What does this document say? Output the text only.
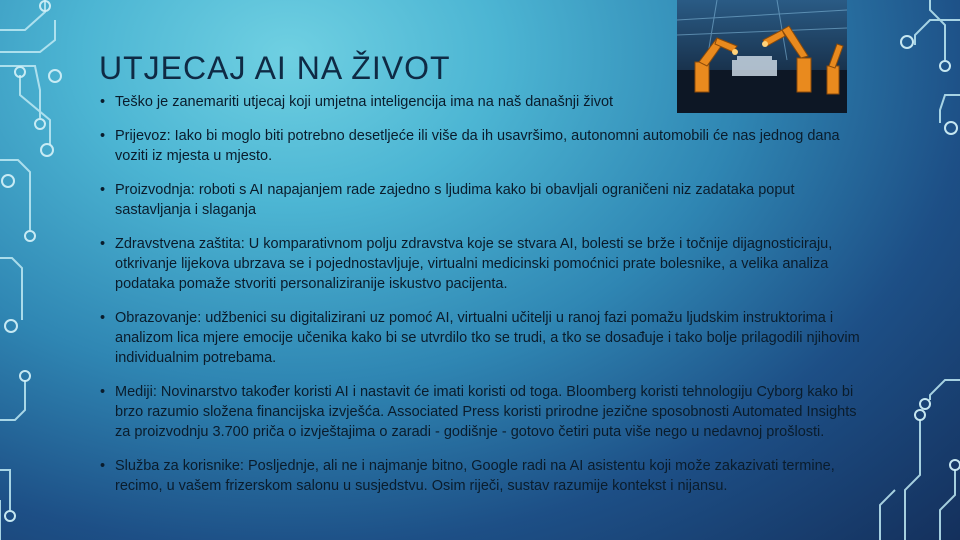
UTJECAJ AI NA ŽIVOT
• Teško je zanemariti utjecaj koji umjetna inteligencija ima na naš današnji život
• Prijevoz: Iako bi moglo biti potrebno desetljeće ili više da ih usavršimo, autonomni automobili će nas jednog dana voziti iz mjesta u mjesto.
• Proizvodnja: roboti s AI napajanjem rade zajedno s ljudima kako bi obavljali ograničeni niz zadataka poput sastavljanja i slaganja
• Zdravstvena zaštita: U komparativnom polju zdravstva koje se stvara AI, bolesti se brže i točnije dijagnosticiraju, otkrivanje lijekova ubrzava se i pojednostavljuje, virtualni medicinski pomoćnici prate bolesnike, a velika analiza podataka pomaže stvoriti personaliziranije iskustvo pacijenta.
• Obrazovanje: udžbenici su digitalizirani uz pomoć AI, virtualni učitelji u ranoj fazi pomažu ljudskim instruktorima i analizom lica mjere emocije učenika kako bi se utvrdilo tko se trudi, a tko se dosađuje i tako bolje prilagodili njihovim individualnim potrebama.
• Mediji: Novinarstvo također koristi AI i nastavit će imati koristi od toga. Bloomberg koristi tehnologiju Cyborg kako bi brzo razumio složena financijska izvješća. Associated Press koristi prirodne jezične sposobnosti Automated Insights za proizvodnju 3.700 priča o izvještajima o zaradi - godišnje - gotovo četiri puta više nego u nedavnoj prošlosti.
• Služba za korisnike: Posljednje, ali ne i najmanje bitno, Google radi na AI asistentu koji može zakazivati termine, recimo, u vašem frizerskom salonu u susjedstvu. Osim riječi, sustav razumije kontekst i nijansu.
